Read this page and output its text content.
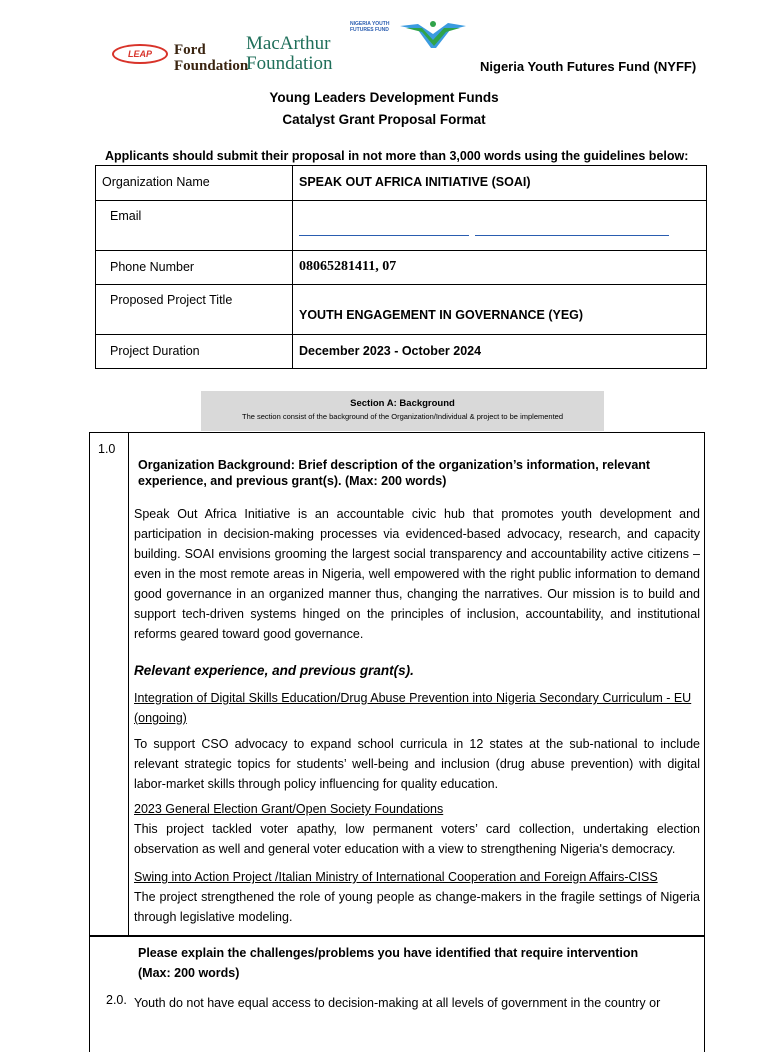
LEAP Ford
Foundation
MacArthur
Foundation
NIGERIA YOUTH FUTURES FUND
Nigeria Youth Futures Fund (NYFF)
Young Leaders Development Funds
Catalyst Grant Proposal Format
Applicants should submit their proposal in not more than 3,000 words using the guidelines below:
Organization Name	SPEAK OUT AFRICA INITIATIVE (SOAI)

Email	

Phone Number	08065281411, 07

Proposed Project Title	YOUTH ENGAGEMENT IN GOVERNANCE (YEG)

Project Duration	December 2023 - October 2024
Section A: Background
The section consist of the background of the Organization/Individual & project to be implemented
1.0
Organization Background: Brief description of the organization’s information, relevant experience, and previous grant(s). (Max: 200 words)
Speak Out Africa Initiative is an accountable civic hub that promotes youth development and participation in decision-making processes via evidenced-based advocacy, research, and capacity building. SOAI envisions grooming the largest social transparency and accountability active citizens – even in the most remote areas in Nigeria, well empowered with the right public information to demand good governance in an organized manner thus, changing the narratives. Our mission is to build and support tech-driven systems hinged on the principles of inclusion, accountability, and institutional reforms geared toward good governance.
Relevant experience, and previous grant(s).
Integration of Digital Skills Education/Drug Abuse Prevention into Nigeria Secondary Curriculum - EU (ongoing)
To support CSO advocacy to expand school curricula in 12 states at the sub-national to include relevant strategic topics for students’ well-being and inclusion (drug abuse prevention) with digital labor-market skills through policy influencing for quality education.
2023 General Election Grant/Open Society Foundations
This project tackled voter apathy, low permanent voters’ card collection, undertaking election observation as well and general voter education with a view to strengthening Nigeria's democracy.
Swing into Action Project /Italian Ministry of International Cooperation and Foreign Affairs-CISS
The project strengthened the role of young people as change-makers in the fragile settings of Nigeria through legislative modeling.
Please explain the challenges/problems you have identified that require intervention (Max: 200 words)
2.0. Youth do not have equal access to decision-making at all levels of government in the country or
